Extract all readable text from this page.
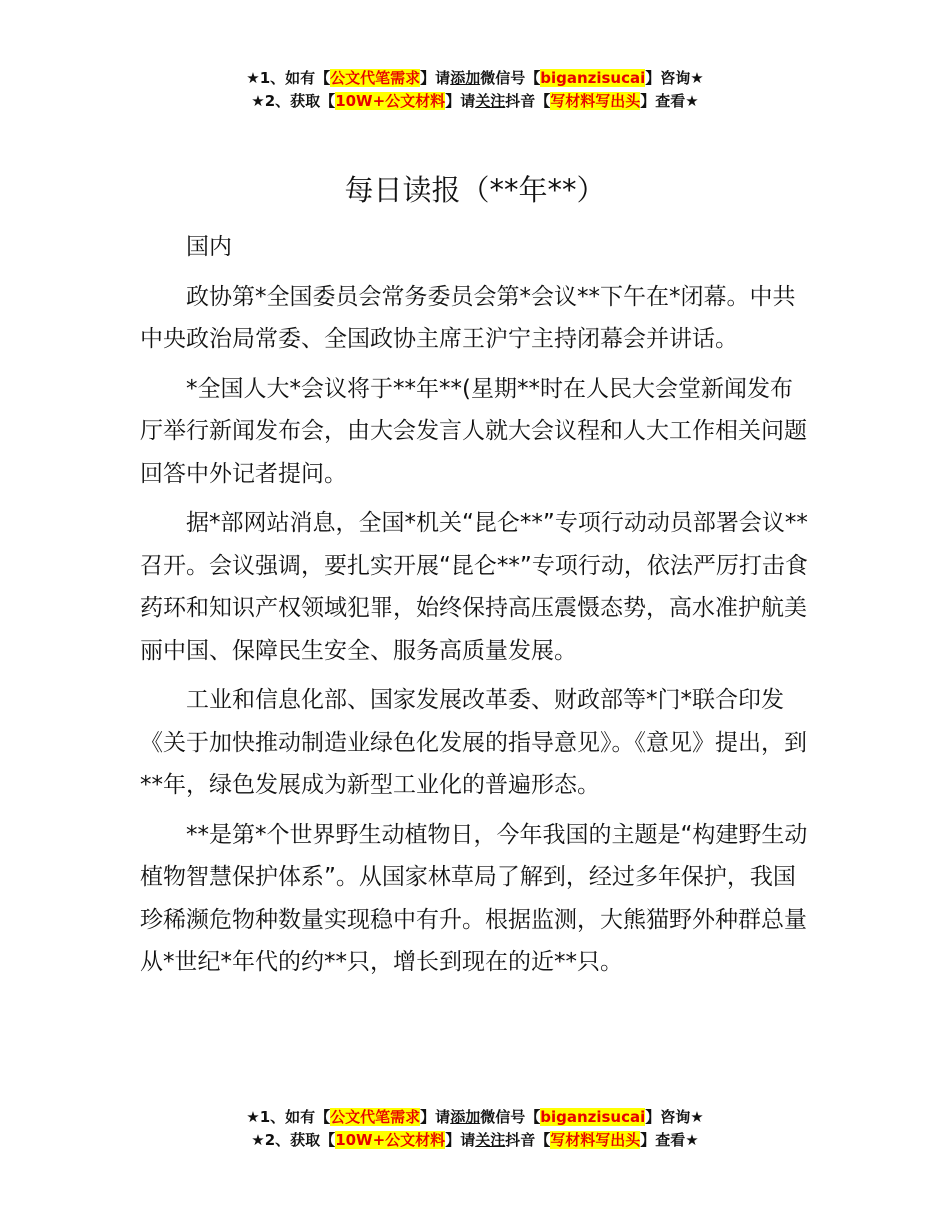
★1、如有【公文代笔需求】请添加微信号【biganzisucai】咨询★
★2、获取【10W+公文材料】请关注抖音【写材料写出头】查看★
每日读报（**年**）

国内

政协第*全国委员会常务委员会第*会议**下午在*闭幕。中共中央政治局常委、全国政协主席王沪宁主持闭幕会并讲话。

*全国人大*会议将于**年**(星期**时在人民大会堂新闻发布厅举行新闻发布会，由大会发言人就大会议程和人大工作相关问题回答中外记者提问。

据*部网站消息，全国*机关“昆仑**”专项行动动员部署会议**召开。会议强调，要扎实开展“昆仑**”专项行动，依法严厉打击食药环和知识产权领域犯罪，始终保持高压震慑态势，高水准护航美丽中国、保障民生安全、服务高质量发展。

工业和信息化部、国家发展改革委、财政部等*门*联合印发《关于加快推动制造业绿色化发展的指导意见》。《意见》提出，到**年，绿色发展成为新型工业化的普遍形态。

**是第*个世界野生动植物日，今年我国的主题是“构建野生动植物智慧保护体系”。从国家林草局了解到，经过多年保护，我国珍稀濒危物种数量实现稳中有升。根据监测，大熊猫野外种群总量从*世纪*年代的约**只，增长到现在的近**只。

★1、如有【公文代笔需求】请添加微信号【biganzisucai】咨询★
★2、获取【10W+公文材料】请关注抖音【写材料写出头】查看★
